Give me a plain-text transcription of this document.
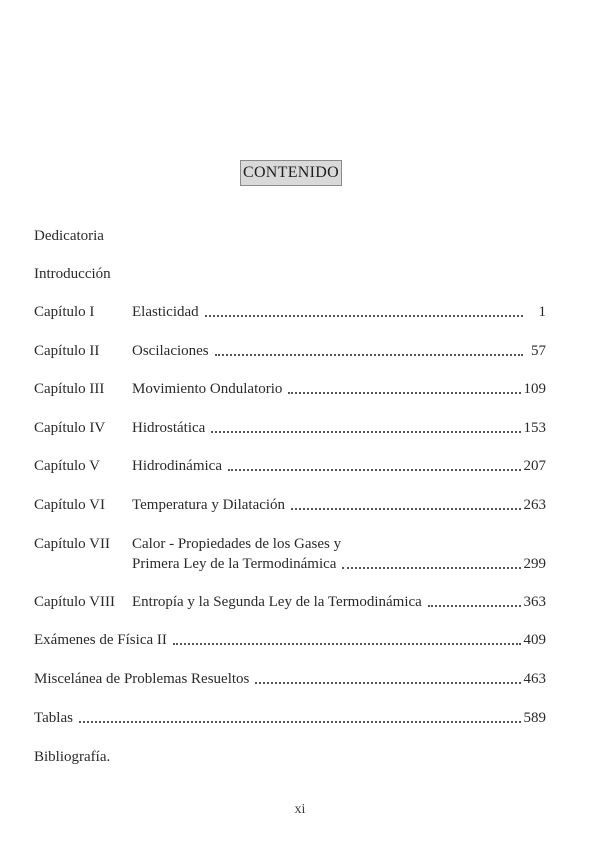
CONTENIDO
Dedicatoria
Introducción
Capítulo I	Elasticidad	1
Capítulo II	Oscilaciones	57
Capítulo III	Movimiento Ondulatorio	109
Capítulo IV	Hidrostática	153
Capítulo V	Hidrodinámica	207
Capítulo VI	Temperatura y Dilatación	263
Capítulo VII	Calor - Propiedades de los Gases y
Primera Ley de la Termodinámica	299
Capítulo VIII	Entropía y la Segunda Ley de la Termodinámica	363
Exámenes de Física II	409
Miscelánea de Problemas Resueltos	463
Tablas	589
Bibliografía.
xi
